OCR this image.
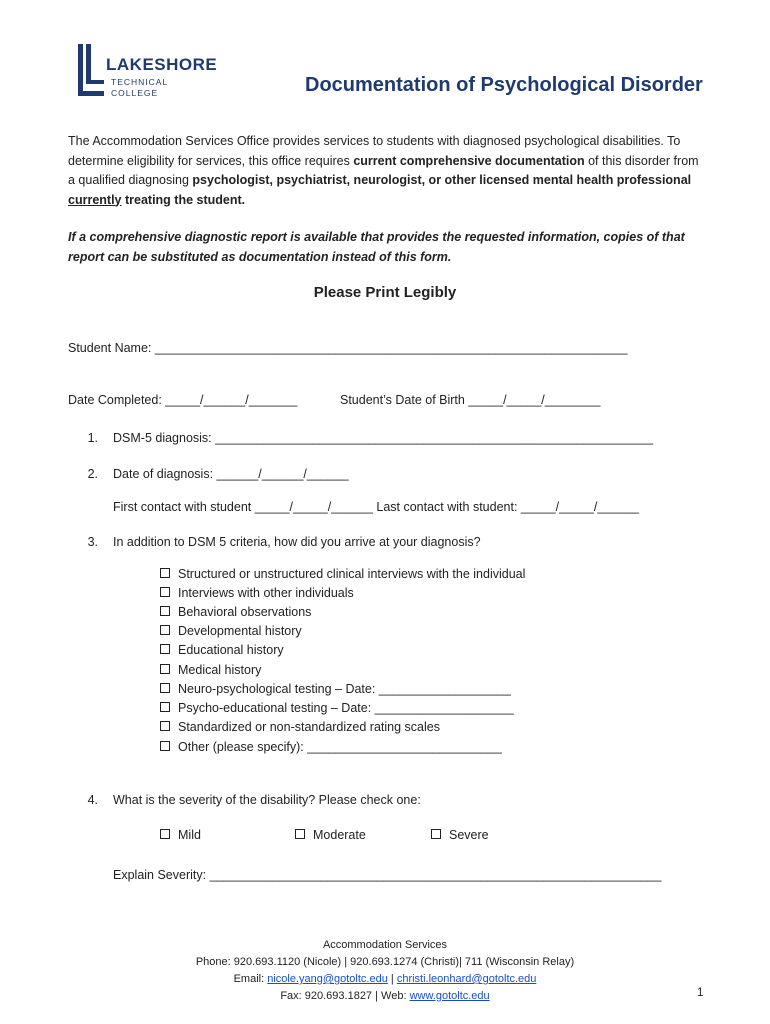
LAKESHORE
TECHNICAL
COLLEGE	Documentation of Psychological Disorder
The Accommodation Services Office provides services to students with diagnosed psychological disabilities. To determine eligibility for services, this office requires current comprehensive documentation of this disorder from a qualified diagnosing psychologist, psychiatrist, neurologist, or other licensed mental health professional currently treating the student.
If a comprehensive diagnostic report is available that provides the requested information, copies of that report can be substituted as documentation instead of this form.
Please Print Legibly
Student Name: ____________________________________________________________________
Date Completed: _____/______/_______	Student’s Date of Birth _____/_____/________
1. DSM-5 diagnosis: _______________________________________________________________
2. Date of diagnosis: ______/______/______
First contact with student _____/_____/______ Last contact with student: _____/_____/______
3. In addition to DSM 5 criteria, how did you arrive at your diagnosis?
Structured or unstructured clinical interviews with the individual
Interviews with other individuals
Behavioral observations
Developmental history
Educational history
Medical history
Neuro-psychological testing – Date: ___________________
Psycho-educational testing – Date: ____________________
Standardized or non-standardized rating scales
Other (please specify): ____________________________
4. What is the severity of the disability? Please check one:
Mild	Moderate	Severe
Explain Severity: _________________________________________________________________
Accommodation Services
Phone: 920.693.1120 (Nicole) | 920.693.1274 (Christi)| 711 (Wisconsin Relay)
Email: nicole.yang@gotoltc.edu | christi.leonhard@gotoltc.edu
Fax: 920.693.1827 | Web: www.gotoltc.edu	1
